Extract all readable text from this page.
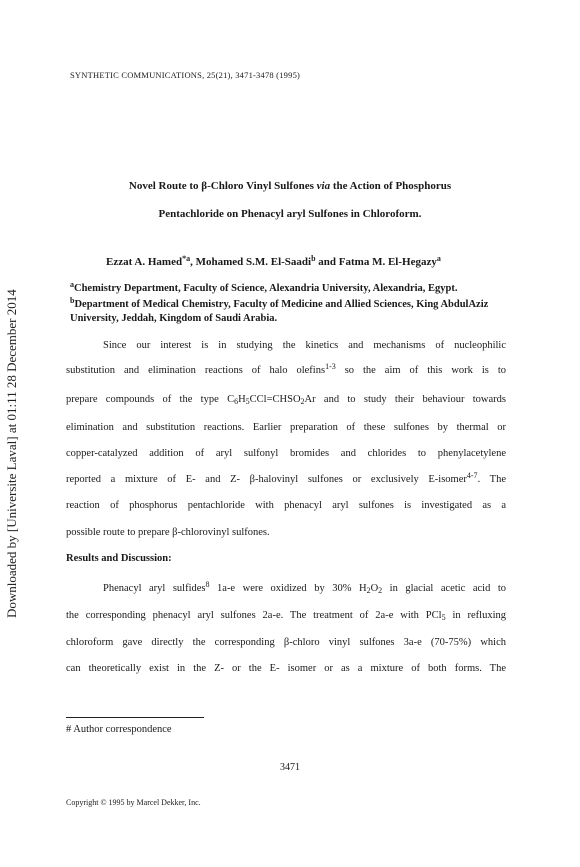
Downloaded by [Universite Laval] at 01:11 28 December 2014
SYNTHETIC COMMUNICATIONS, 25(21), 3471-3478 (1995)
Novel Route to β-Chloro Vinyl Sulfones via the Action of Phosphorus
Pentachloride on Phenacyl aryl Sulfones in Chloroform.
Ezzat A. Hamed$^{*a}$, Mohamed S.M. El-Saadi$^b$ and Fatma M. El-Hegazy$^a$
$^a$Chemistry Department, Faculty of Science, Alexandria University, Alexandria, Egypt.
$^b$Department of Medical Chemistry, Faculty of Medicine and Allied Sciences, King AbdulAziz University, Jeddah, Kingdom of Saudi Arabia.
Since our interest is in studying the kinetics and mechanisms of nucleophilic
substitution and elimination reactions of halo olefins$^{1-3}$ so the aim of this work is to
prepare compounds of the type $C_6H_5CCl=CHSO_2Ar$ and to study their behaviour towards
elimination and substitution reactions. Earlier preparation of these sulfones by thermal or
copper-catalyzed addition of aryl sulfonyl bromides and chlorides to phenylacetylene
reported a mixture of E- and Z- β-halovinyl sulfones or exclusively E-isomer$^{4-7}$. The
reaction of phosphorus pentachloride with phenacyl aryl sulfones is investigated as a
possible route to prepare β-chlorovinyl sulfones.
Results and Discussion:
Phenacyl aryl sulfides$^8$ 1a-e were oxidized by 30% $H_2O_2$ in glacial acetic acid to
the corresponding phenacyl aryl sulfones 2a-e. The treatment of 2a-e with PCl$_5$ in refluxing
chloroform gave directly the corresponding β-chloro vinyl sulfones 3a-e (70-75%) which
can theoretically exist in the Z- or the E- isomer or as a mixture of both forms. The
# Author correspondence
3471
Copyright © 1995 by Marcel Dekker, Inc.
